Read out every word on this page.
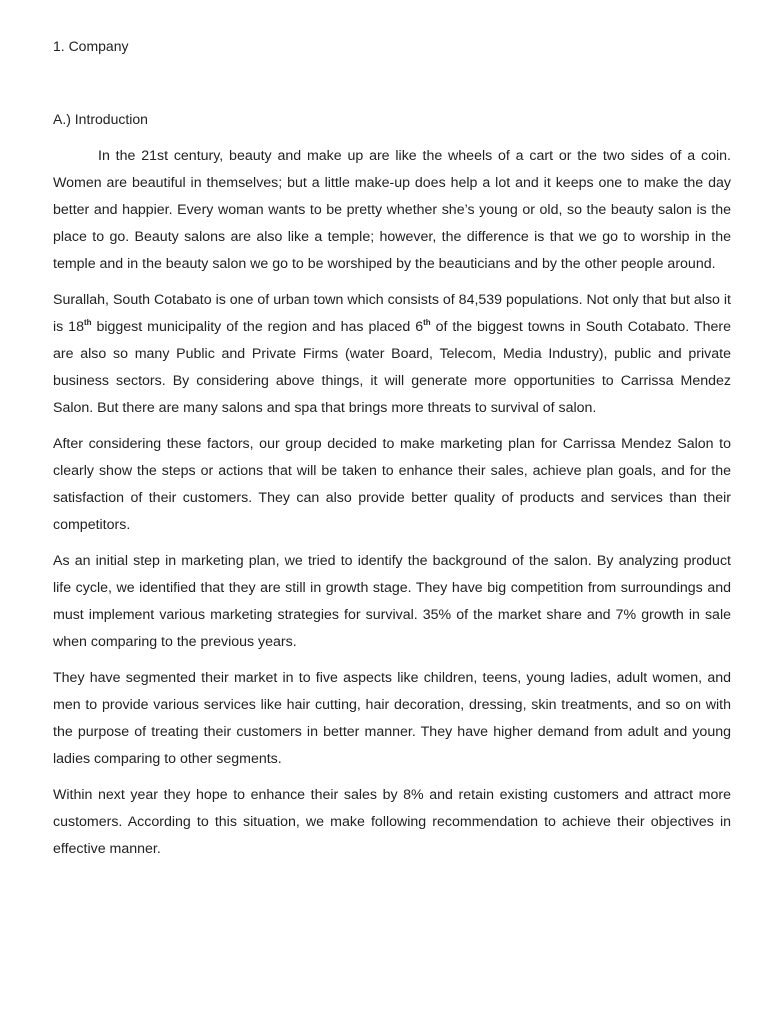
1. Company
A.) Introduction

In the 21st century, beauty and make up are like the wheels of a cart or the two sides of a coin. Women are beautiful in themselves; but a little make-up does help a lot and it keeps one to make the day better and happier. Every woman wants to be pretty whether she’s young or old, so the beauty salon is the place to go. Beauty salons are also like a temple; however, the difference is that we go to worship in the temple and in the beauty salon we go to be worshiped by the beauticians and by the other people around.

Surallah, South Cotabato is one of urban town which consists of 84,539 populations. Not only that but also it is 18th biggest municipality of the region and has placed 6th of the biggest towns in South Cotabato. There are also so many Public and Private Firms (water Board, Telecom, Media Industry), public and private business sectors. By considering above things, it will generate more opportunities to Carrissa Mendez Salon. But there are many salons and spa that brings more threats to survival of salon.

After considering these factors, our group decided to make marketing plan for Carrissa Mendez Salon to clearly show the steps or actions that will be taken to enhance their sales, achieve plan goals, and for the satisfaction of their customers. They can also provide better quality of products and services than their competitors.

As an initial step in marketing plan, we tried to identify the background of the salon. By analyzing product life cycle, we identified that they are still in growth stage. They have big competition from surroundings and must implement various marketing strategies for survival. 35% of the market share and 7% growth in sale when comparing to the previous years.

They have segmented their market in to five aspects like children, teens, young ladies, adult women, and men to provide various services like hair cutting, hair decoration, dressing, skin treatments, and so on with the purpose of treating their customers in better manner. They have higher demand from adult and young ladies comparing to other segments.

Within next year they hope to enhance their sales by 8% and retain existing customers and attract more customers. According to this situation, we make following recommendation to achieve their objectives in effective manner.
